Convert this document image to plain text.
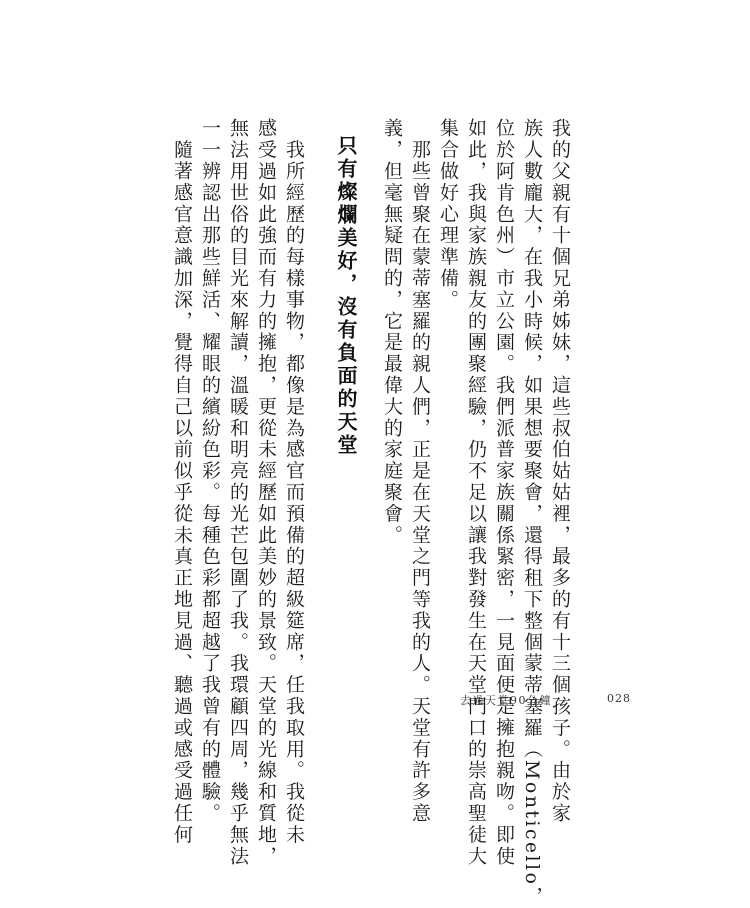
我的父親有十個兄弟姊妹，這些叔伯姑姑裡，最多的有十三個孩子。由於家
族人數龐大，在我小時候，如果想要聚會，還得租下整個蒙蒂塞羅（Monticello，
位於阿肯色州）市立公園。我們派普家族關係緊密，一見面便是擁抱親吻。即使
如此，我與家族親友的團聚經驗，仍不足以讓我對發生在天堂門口的崇高聖徒大
集合做好心理準備。
　那些曾聚在蒙蒂塞羅的親人們，正是在天堂之門等我的人。天堂有許多意
義，但毫無疑問的，它是最偉大的家庭聚會。
只有燦爛美好，沒有負面的天堂
　我所經歷的每樣事物，都像是為感官而預備的超級筵席，任我取用。我從未
感受過如此強而有力的擁抱，更從未經歷如此美妙的景致。天堂的光線和質地，
無法用世俗的目光來解讀，溫暖和明亮的光芒包圍了我。我環顧四周，幾乎無法
一一辨認出那些鮮活、耀眼的繽紛色彩。每種色彩都超越了我曾有的體驗。
　隨著感官意識加深，覺得自己以前似乎從未真正地見過、聽過或感受過任何	去過天堂90分鐘	028
